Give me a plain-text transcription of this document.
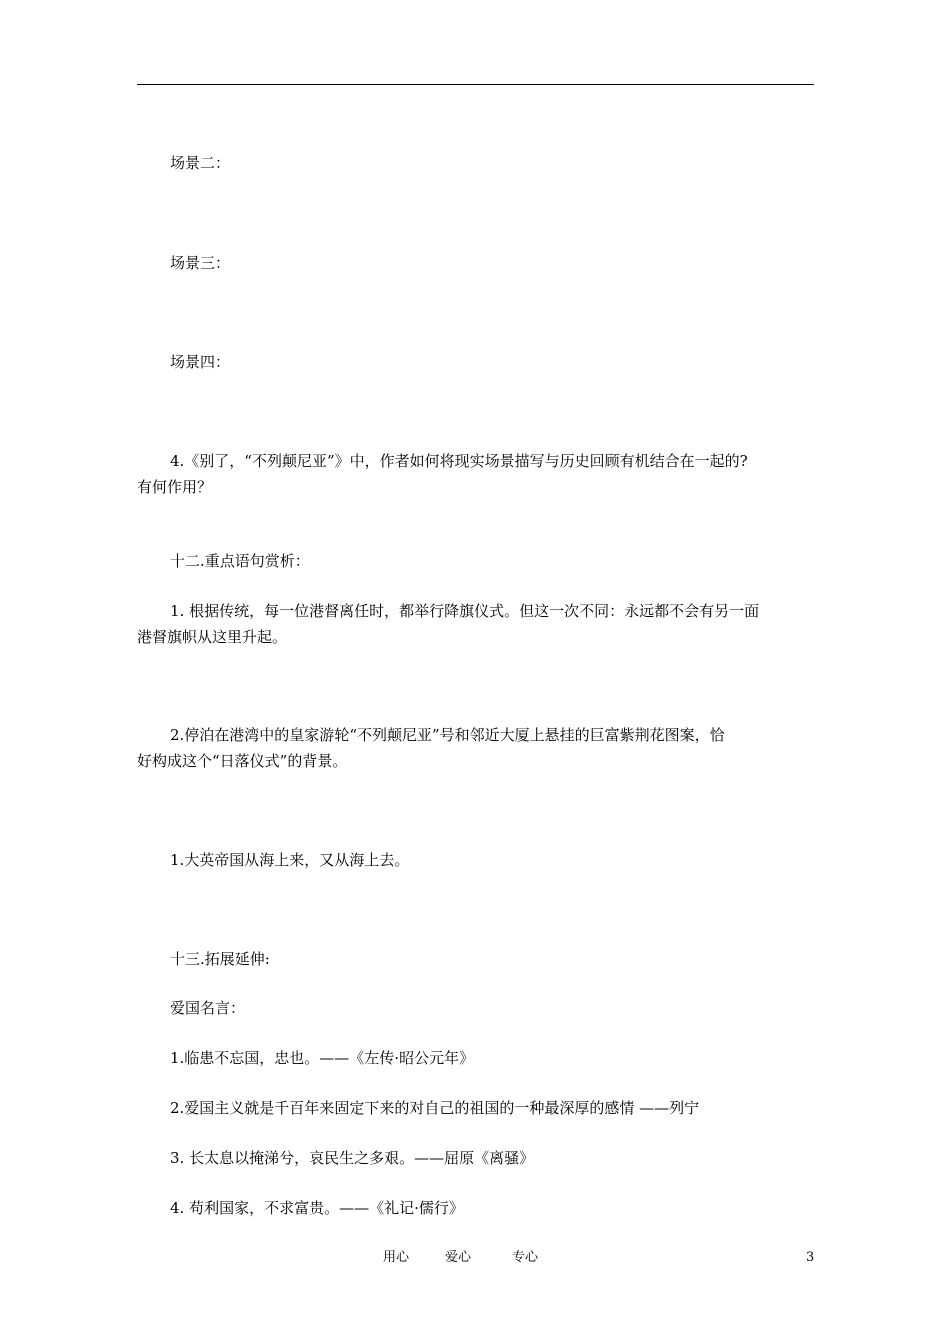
场景二：
场景三：
场景四：
4.《别了，“不列颠尼亚”》中，作者如何将现实场景描写与历史回顾有机结合在一起的?
有何作用？
十二.重点语句赏析：
1. 根据传统，每一位港督离任时，都举行降旗仪式。但这一次不同：永远都不会有另一面
港督旗帜从这里升起。
2.停泊在港湾中的皇家游轮“不列颠尼亚”号和邻近大厦上悬挂的巨富紫荆花图案，恰
好构成这个“日落仪式”的背景。
1.大英帝国从海上来，又从海上去。
十三.拓展延伸:
爱国名言：
1.临患不忘国，忠也。——《左传·昭公元年》
2.爱国主义就是千百年来固定下来的对自己的祖国的一种最深厚的感情 ——列宁
3. 长太息以掩涕兮，哀民生之多艰。——屈原《离骚》
4. 苟利国家，不求富贵。——《礼记·儒行》
用心	爱心	专心	3
